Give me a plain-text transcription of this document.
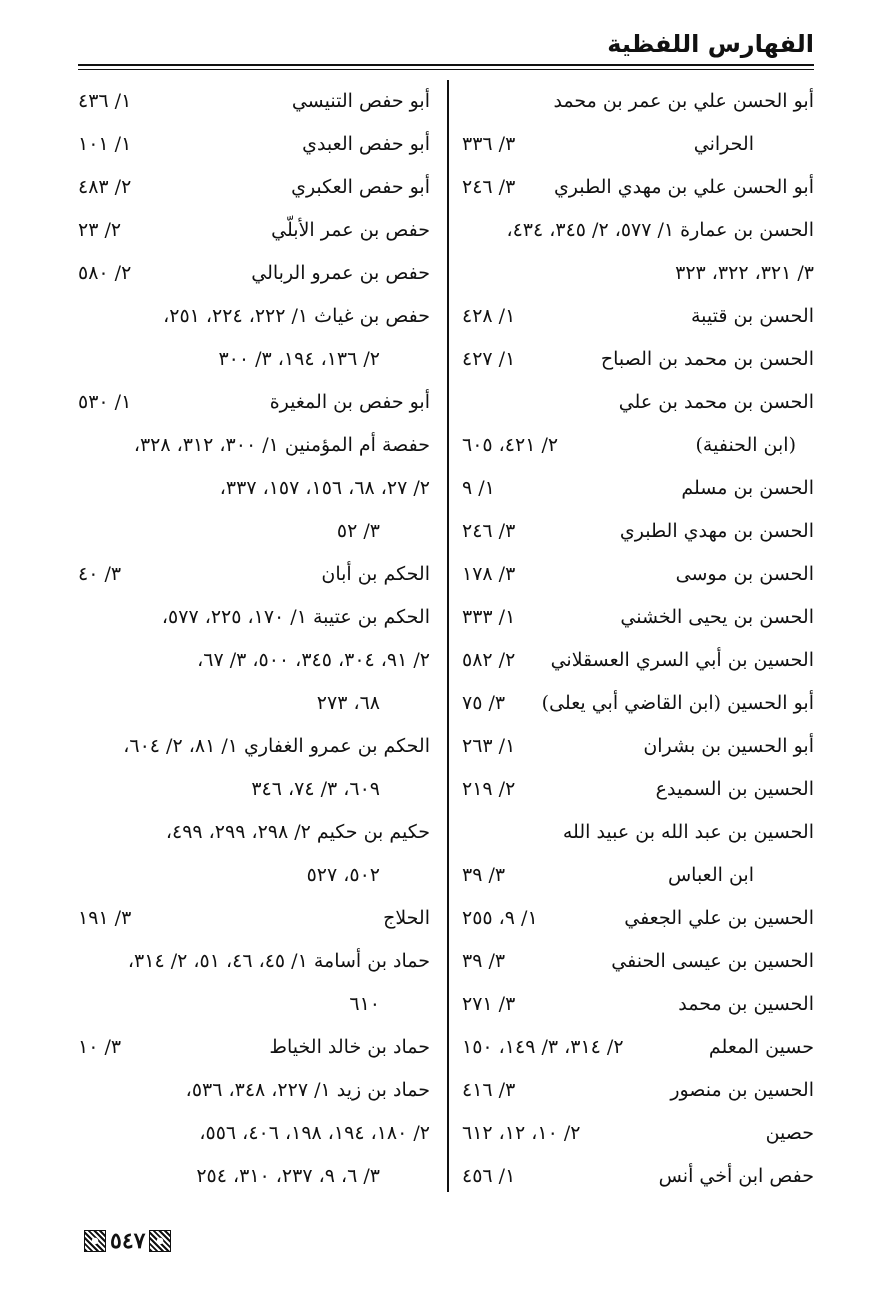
الفهارس اللفظية
أبو الحسن علي بن عمر بن محمد
الحراني
٣/ ٣٣٦
أبو الحسن علي بن مهدي الطبري
٣/ ٢٤٦
الحسن بن عمارة ١/ ٥٧٧، ٢/ ٣٤٥، ٤٣٤،
٣/ ٣٢١، ٣٢٢، ٣٢٣
الحسن بن قتيبة
١/ ٤٢٨
الحسن بن محمد بن الصباح
١/ ٤٢٧
الحسن بن محمد بن علي
(ابن الحنفية)
٢/ ٤٢١، ٦٠٥
الحسن بن مسلم
١/ ٩
الحسن بن مهدي الطبري
٣/ ٢٤٦
الحسن بن موسى
٣/ ١٧٨
الحسن بن يحيى الخشني
١/ ٣٣٣
الحسين بن أبي السري العسقلاني
٢/ ٥٨٢
أبو الحسين (ابن القاضي أبي يعلى)
٣/ ٧٥
أبو الحسين بن بشران
١/ ٢٦٣
الحسين بن السميدع
٢/ ٢١٩
الحسين بن عبد الله بن عبيد الله
ابن العباس
٣/ ٣٩
الحسين بن علي الجعفي
١/ ٩، ٢٥٥
الحسين بن عيسى الحنفي
٣/ ٣٩
الحسين بن محمد
٣/ ٢٧١
حسين المعلم
٢/ ٣١٤، ٣/ ١٤٩، ١٥٠
الحسين بن منصور
٣/ ٤١٦
حصين
٢/ ١٠، ١٢، ٦١٢
حفص ابن أخي أنس
١/ ٤٥٦
أبو حفص التنيسي
١/ ٤٣٦
أبو حفص العبدي
١/ ١٠١
أبو حفص العكبري
٢/ ٤٨٣
حفص بن عمر الأبلّي
٢/ ٢٣
حفص بن عمرو الربالي
٢/ ٥٨٠
حفص بن غياث ١/ ٢٢٢، ٢٢٤، ٢٥١،
٢/ ١٣٦، ١٩٤، ٣/ ٣٠٠
أبو حفص بن المغيرة
١/ ٥٣٠
حفصة أم المؤمنين ١/ ٣٠٠، ٣١٢، ٣٢٨،
٢/ ٢٧، ٦٨، ١٥٦، ١٥٧، ٣٣٧،
٣/ ٥٢
الحكم بن أبان
٣/ ٤٠
الحكم بن عتيبة ١/ ١٧٠، ٢٢٥، ٥٧٧،
٢/ ٩١، ٣٠٤، ٣٤٥، ٥٠٠، ٣/ ٦٧،
٦٨، ٢٧٣
الحكم بن عمرو الغفاري ١/ ٨١، ٢/ ٦٠٤،
٦٠٩، ٣/ ٧٤، ٣٤٦
حكيم بن حكيم ٢/ ٢٩٨، ٢٩٩، ٤٩٩،
٥٠٢، ٥٢٧
الحلاج
٣/ ١٩١
حماد بن أسامة ١/ ٤٥، ٤٦، ٥١، ٢/ ٣١٤،
٦١٠
حماد بن خالد الخياط
٣/ ١٠
حماد بن زيد ١/ ٢٢٧، ٣٤٨، ٥٣٦،
٢/ ١٨٠، ١٩٤، ١٩٨، ٤٠٦، ٥٥٦،
٣/ ٦، ٩، ٢٣٧، ٣١٠، ٢٥٤
٥٤٧
